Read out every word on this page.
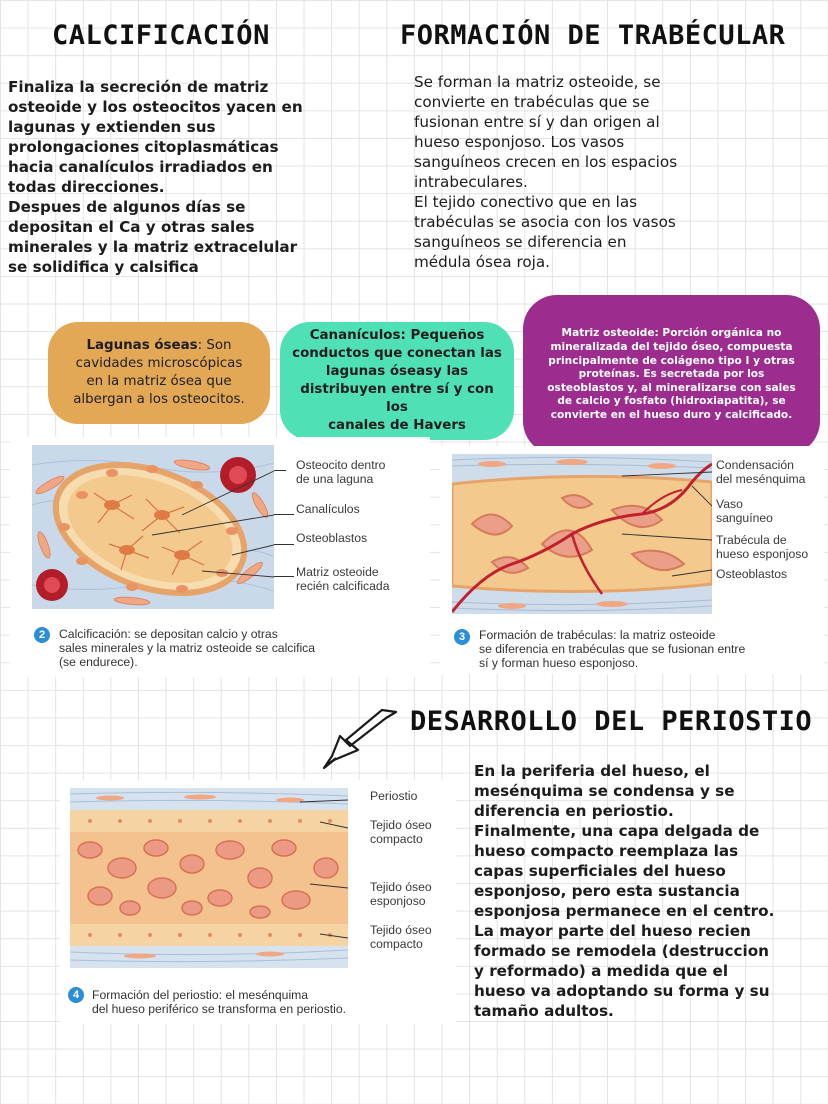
CALCIFICACIÓN	FORMACIÓN DE TRABÉCULAR

Finaliza la secreción de matriz
osteoide y los osteocitos yacen en
lagunas y extienden sus
prolongaciones citoplasmáticas
hacia canalículos irradiados en
todas direcciones.
Despues de algunos días se
depositan el Ca y otras sales
minerales y la matriz extracelular
se solidifica y calsifica

Se forman la matriz osteoide, se
convierte en trabéculas que se
fusionan entre sí y dan origen al
hueso esponjoso. Los vasos
sanguíneos crecen en los espacios
intrabeculares.
El tejido conectivo que en las
trabéculas se asocia con los vasos
sanguíneos se diferencia en
médula ósea roja.

Lagunas óseas: Son
cavidades microscópicas
en la matriz ósea que
albergan a los osteocitos.
Cananículos: Pequeños
conductos que conectan las
lagunas óseasy las
distribuyen entre sí y con los
canales de Havers
Matriz osteoide: Porción orgánica no
mineralizada del tejido óseo, compuesta
principalmente de colágeno tipo I y otras
proteínas. Es secretada por los
osteoblastos y, al mineralizarse con sales
de calcio y fosfato (hidroxiapatita), se
convierte en el hueso duro y calcificado.
Osteocito dentro
de una laguna
Canalículos
Osteoblastos
Matriz osteoide
recién calcificada
2	Calcificación: se depositan calcio y otras
sales minerales y la matriz osteoide se calcifica
(se endurece).
Condensación
del mesénquima
Vaso
sanguíneo
Trabécula de
hueso esponjoso
Osteoblastos
3	Formación de trabéculas: la matriz osteoide
se diferencia en trabéculas que se fusionan entre
sí y forman hueso esponjoso.
DESARROLLO DEL PERIOSTIO

En la periferia del hueso, el
mesénquima se condensa y se
diferencia en periostio.
Finalmente, una capa delgada de
hueso compacto reemplaza las
capas superficiales del hueso
esponjoso, pero esta sustancia
esponjosa permanece en el centro.
La mayor parte del hueso recien
formado se remodela (destruccion
y reformado) a medida que el
hueso va adoptando su forma y su
tamaño adultos.

Periostio
Tejido óseo
compacto
Tejido óseo
esponjoso
Tejido óseo
compacto
4	Formación del periostio: el mesénquima
del hueso periférico se transforma en periostio.
